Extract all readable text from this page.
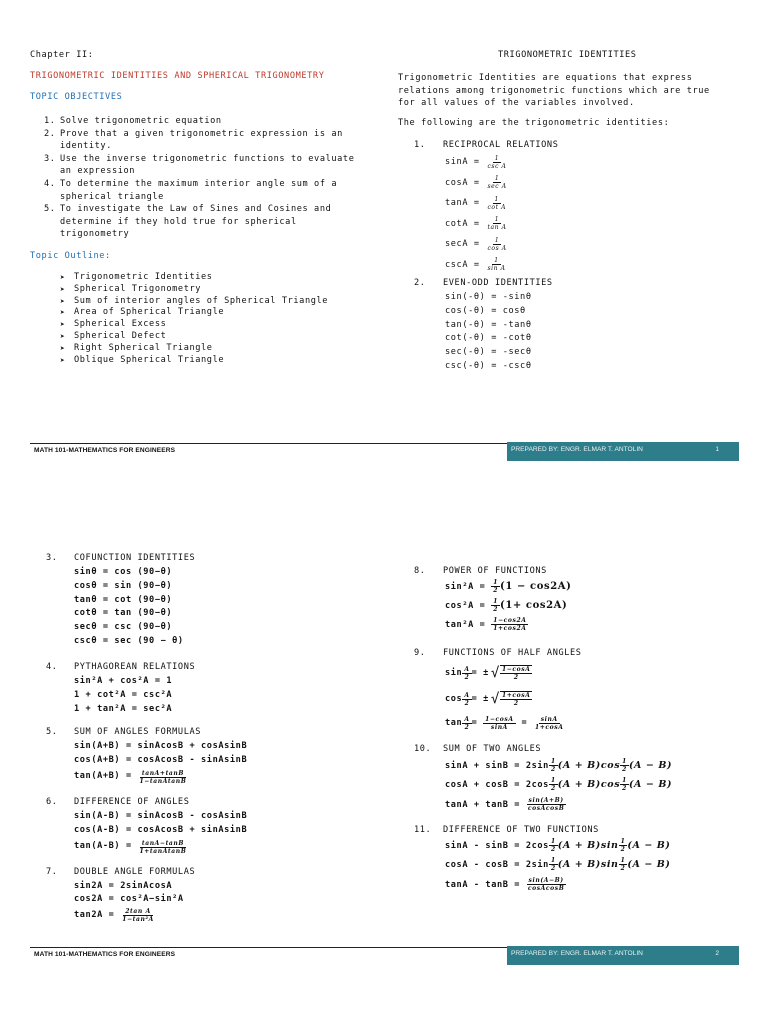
Chapter II:	TRIGONOMETRIC IDENTITIES
TRIGONOMETRIC IDENTITIES AND SPHERICAL TRIGONOMETRY
TOPIC OBJECTIVES
1. Solve trigonometric equation
2. Prove that a given trigonometric expression is an
identity.
3. Use the inverse trigonometric functions to evaluate
an expression
4. To determine the maximum interior angle sum of a
spherical triangle
5. To investigate the Law of Sines and Cosines and
determine if they hold true for spherical
trigonometry
Topic Outline:
➤ Trigonometric Identities
➤ Spherical Trigonometry
➤ Sum of interior angles of Spherical Triangle
➤ Area of Spherical Triangle
➤ Spherical Excess
➤ Spherical Defect
➤ Right Spherical Triangle
➤ Oblique Spherical Triangle
Trigonometric Identities are equations that express
relations among trigonometric functions which are true
for all values of the variables involved.
The following are the trigonometric identities:
1. RECIPROCAL RELATIONS
sinA =
$\frac{1}{\text{csc A}}$
cosA =
$\frac{1}{\text{sec A}}$
tanA =
$\frac{1}{\text{cot A}}$
cotA =
$\frac{1}{\text{tan A}}$
secA =
$\frac{1}{\text{cos A}}$
cscA =
$\frac{1}{\text{sin A}}$
2. EVEN-ODD IDENTITIES
sin(-θ) = -sinθ
cos(-θ) = cosθ
tan(-θ) = -tanθ
cot(-θ) = -cotθ
sec(-θ) = -secθ
csc(-θ) = -cscθ
MATH 101-MATHEMATICS FOR ENGINEERS	PREPARED BY: ENGR. ELMAR T. ANTOLIN	1
3. COFUNCTION IDENTITIES
sinθ = cos (90−θ)
cosθ = sin (90−θ)
tanθ = cot (90−θ)
cotθ = tan (90−θ)
secθ = csc (90−θ)
cscθ = sec (90 − θ)
4. PYTHAGOREAN RELATIONS
sin²A + cos²A = 1
1 + cot²A = csc²A
1 + tan²A = sec²A
5. SUM OF ANGLES FORMULAS
sin(A+B) = sinAcosB + cosAsinB
cos(A+B) = cosAcosB - sinAsinB
tan(A+B) =
$\frac{\tan A+\tan B}{\text{1−tanAtanB}}$
6. DIFFERENCE OF ANGLES
sin(A-B) = sinAcosB - cosAsinB
cos(A-B) = cosAcosB + sinAsinB
tan(A-B) =
$\frac{\tan A-\tan B}{\text{1+tanAtanB}}$
7. DOUBLE ANGLE FORMULAS
sin2A = 2sinAcosA
cos2A = cos²A−sin²A
tan2A =
$\frac{\text{2tan A}}{\text{1−tan²A}}$
8. POWER OF FUNCTIONS
sin²A =
$\frac{1}{2} (1 - \cos 2A)$
cos²A =
$\frac{1}{2} (1+ \cos 2A)$
tan²A =
$\frac{1-\cos 2A}{1+\cos 2A}$
9. FUNCTIONS OF HALF ANGLES
$\sin \frac{A}{2}$ = ± √ $\frac{1-\cos A}{2}$
$\cos \frac{A}{2}$ = ± √ $\frac{1+\cos A}{2}$
$\tan \frac{A}{2}$ =
$\frac{1-\cos A}{\sin A}$
=
$\frac{\sin A}{1+\cos A}$
10. SUM OF TWO ANGLES
sinA + sinB =
$2\sin \frac{1}{2} (A + B)\cos \frac{1}{2} (A - B)$
cosA + cosB =
$2\cos \frac{1}{2} (A + B)\cos \frac{1}{2} (A - B)$
tanA + tanB =
$\frac{\sin(A+B)}{\text{cosAcosB}}$
11. DIFFERENCE OF TWO FUNCTIONS
sinA - sinB =
$2\cos \frac{1}{2} (A + B)\sin \frac{1}{2} (A - B)$
cosA - cosB =
$2\sin \frac{1}{2} (A + B)\sin \frac{1}{2} (A - B)$
tanA - tanB =
$\frac{\sin(A-B)}{\text{cosAcosB}}$
MATH 101-MATHEMATICS FOR ENGINEERS	PREPARED BY: ENGR. ELMAR T. ANTOLIN	2
